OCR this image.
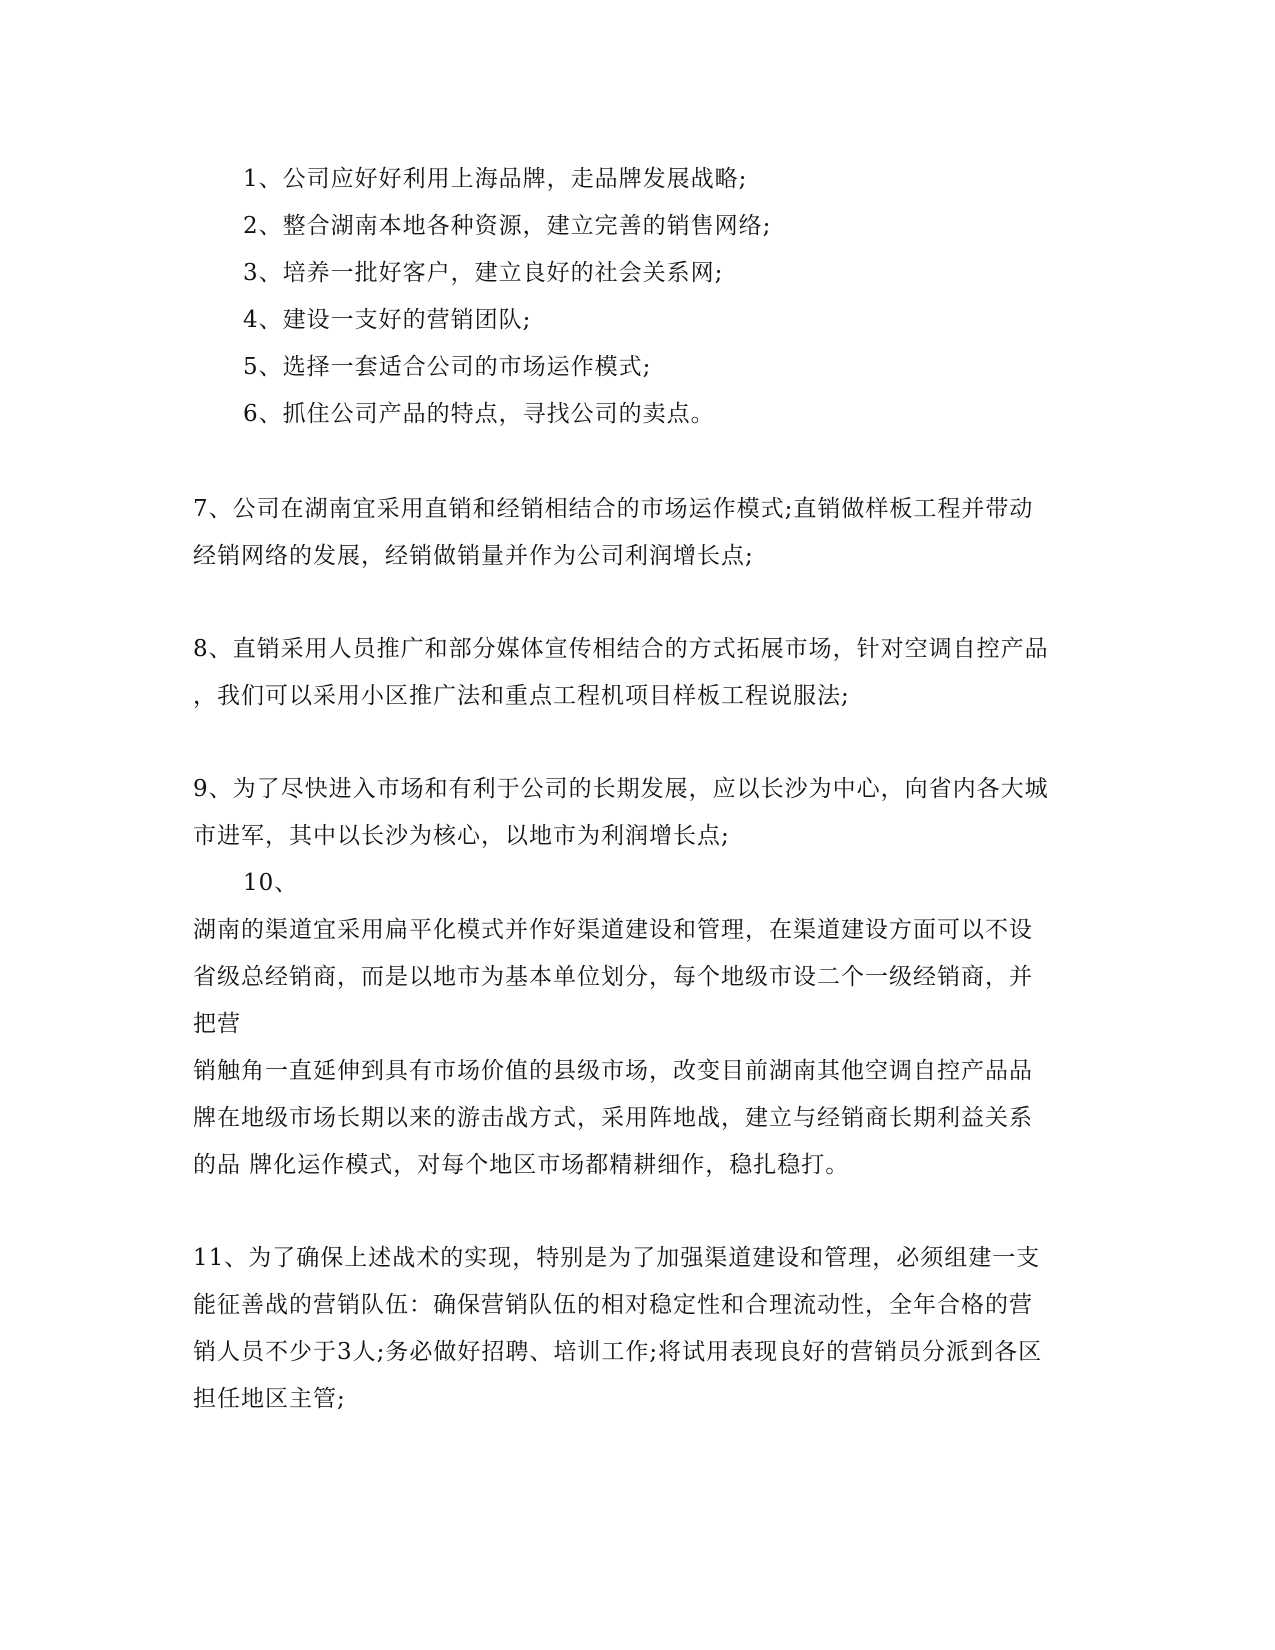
1、公司应好好利用上海品牌，走品牌发展战略;
2、整合湖南本地各种资源，建立完善的销售网络;
3、培养一批好客户，建立良好的社会关系网;
4、建设一支好的营销团队;
5、选择一套适合公司的市场运作模式;
6、抓住公司产品的特点，寻找公司的卖点。
7、公司在湖南宜采用直销和经销相结合的市场运作模式;直销做样板工程并带动
经销网络的发展，经销做销量并作为公司利润增长点;
8、直销采用人员推广和部分媒体宣传相结合的方式拓展市场，针对空调自控产品
，我们可以采用小区推广法和重点工程机项目样板工程说服法;
9、为了尽快进入市场和有利于公司的长期发展，应以长沙为中心，向省内各大城
市进军，其中以长沙为核心，以地市为利润增长点;
10、
湖南的渠道宜采用扁平化模式并作好渠道建设和管理，在渠道建设方面可以不设
省级总经销商，而是以地市为基本单位划分，每个地级市设二个一级经销商，并
把营
销触角一直延伸到具有市场价值的县级市场，改变目前湖南其他空调自控产品品
牌在地级市场长期以来的游击战方式，采用阵地战，建立与经销商长期利益关系
的品 牌化运作模式，对每个地区市场都精耕细作，稳扎稳打。
11、为了确保上述战术的实现，特别是为了加强渠道建设和管理，必须组建一支
能征善战的营销队伍：确保营销队伍的相对稳定性和合理流动性，全年合格的营
销人员不少于3人;务必做好招聘、培训工作;将试用表现良好的营销员分派到各区
担任地区主管;
